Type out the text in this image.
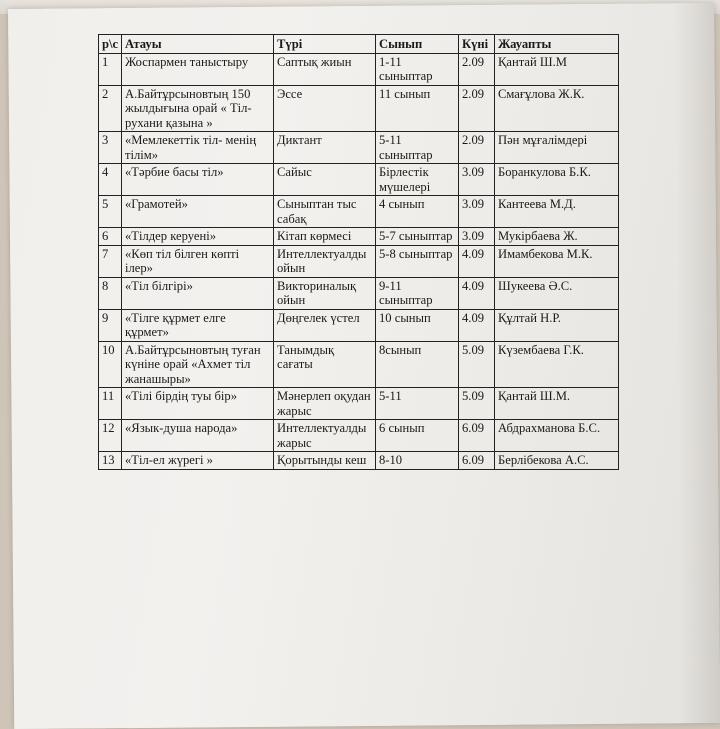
р\с	Атауы	Түрі	Сынып	Күні	Жауапты
1	Жоспармен таныстыру	Саптық жиын	1-11 сыныптар	2.09	Қантай Ш.М
2	А.Байтұрсыновтың 150 жылдығына орай « Тіл-рухани қазына »	Эссе	11 сынып	2.09	Смағұлова Ж.К.
3	«Мемлекеттік тіл- менің тілім»	Диктант	5-11 сыныптар	2.09	Пән мұғалімдері
4	«Тәрбие басы тіл»	Сайыс	Бірлестік мүшелері	3.09	Боранкулова Б.К.
5	«Грамотей»	Сыныптан тыс сабақ	4 сынып	3.09	Кантеева М.Д.
6	«Тілдер керуені»	Кітап көрмесі	5-7 сыныптар	3.09	Мукірбаева Ж.
7	«Көп тіл білген көпті ілер»	Интеллектуалды ойын	5-8 сыныптар	4.09	Имамбекова М.К.
8	«Тіл білгірі»	Викториналық ойын	9-11 сыныптар	4.09	Шукеева Ә.С.
9	«Тілге құрмет елге құрмет»	Дөңгелек үстел	10 сынып	4.09	Құлтай Н.Р.
10	А.Байтұрсыновтың туған күніне орай «Ахмет тіл жанашыры»	Танымдық сағаты	8сынып	5.09	Күзембаева Г.К.
11	«Тілі бірдің туы бір»	Мәнерлеп оқудан жарыс	5-11	5.09	Қантай Ш.М.
12	«Язык-душа народа»	Интеллектуалды жарыс	6 сынып	6.09	Абдрахманова Б.С.
13	«Тіл-ел жүрегі »	Қорытынды кеш	8-10	6.09	Берлібекова А.С.
